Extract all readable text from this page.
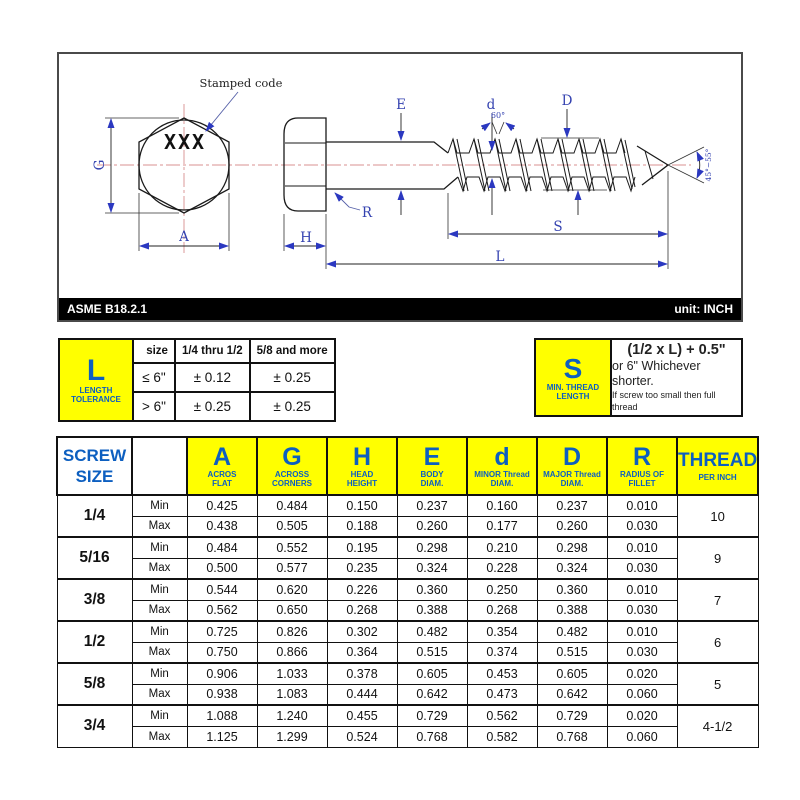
XXX
Stamped code
G
A	H
E	d	D
R
S
L
60°
45°~55°
ASME B18.2.1	unit: INCH
L
LENGTH
TOLERANCE	size	1/4 thru 1/2	5/8 and more
	≤ 6"	± 0.12	± 0.25
	> 6"	± 0.25	± 0.25
S
MIN. THREAD
LENGTH
(1/2 x L) + 0.5"
or 6" Whichever shorter.
If screw too small then full thread
SCREW
SIZE

A
ACROS
FLAT

G
ACROSS
CORNERS

H
HEAD
HEIGHT

E
BODY
DIAM.

d
MINOR Thread
DIAM.

D
MAJOR Thread
DIAM.

R
RADIUS OF
FILLET

THREAD
PER INCH

1/4	Min	0.425	0.484	0.150	0.237	0.160	0.237	0.010	10
	Max	0.438	0.505	0.188	0.260	0.177	0.260	0.030	
5/16	Min	0.484	0.552	0.195	0.298	0.210	0.298	0.010	9
	Max	0.500	0.577	0.235	0.324	0.228	0.324	0.030	
3/8	Min	0.544	0.620	0.226	0.360	0.250	0.360	0.010	7
	Max	0.562	0.650	0.268	0.388	0.268	0.388	0.030	
1/2	Min	0.725	0.826	0.302	0.482	0.354	0.482	0.010	6
	Max	0.750	0.866	0.364	0.515	0.374	0.515	0.030	
5/8	Min	0.906	1.033	0.378	0.605	0.453	0.605	0.020	5
	Max	0.938	1.083	0.444	0.642	0.473	0.642	0.060	
3/4	Min	1.088	1.240	0.455	0.729	0.562	0.729	0.020	4-1/2
	Max	1.125	1.299	0.524	0.768	0.582	0.768	0.060	
